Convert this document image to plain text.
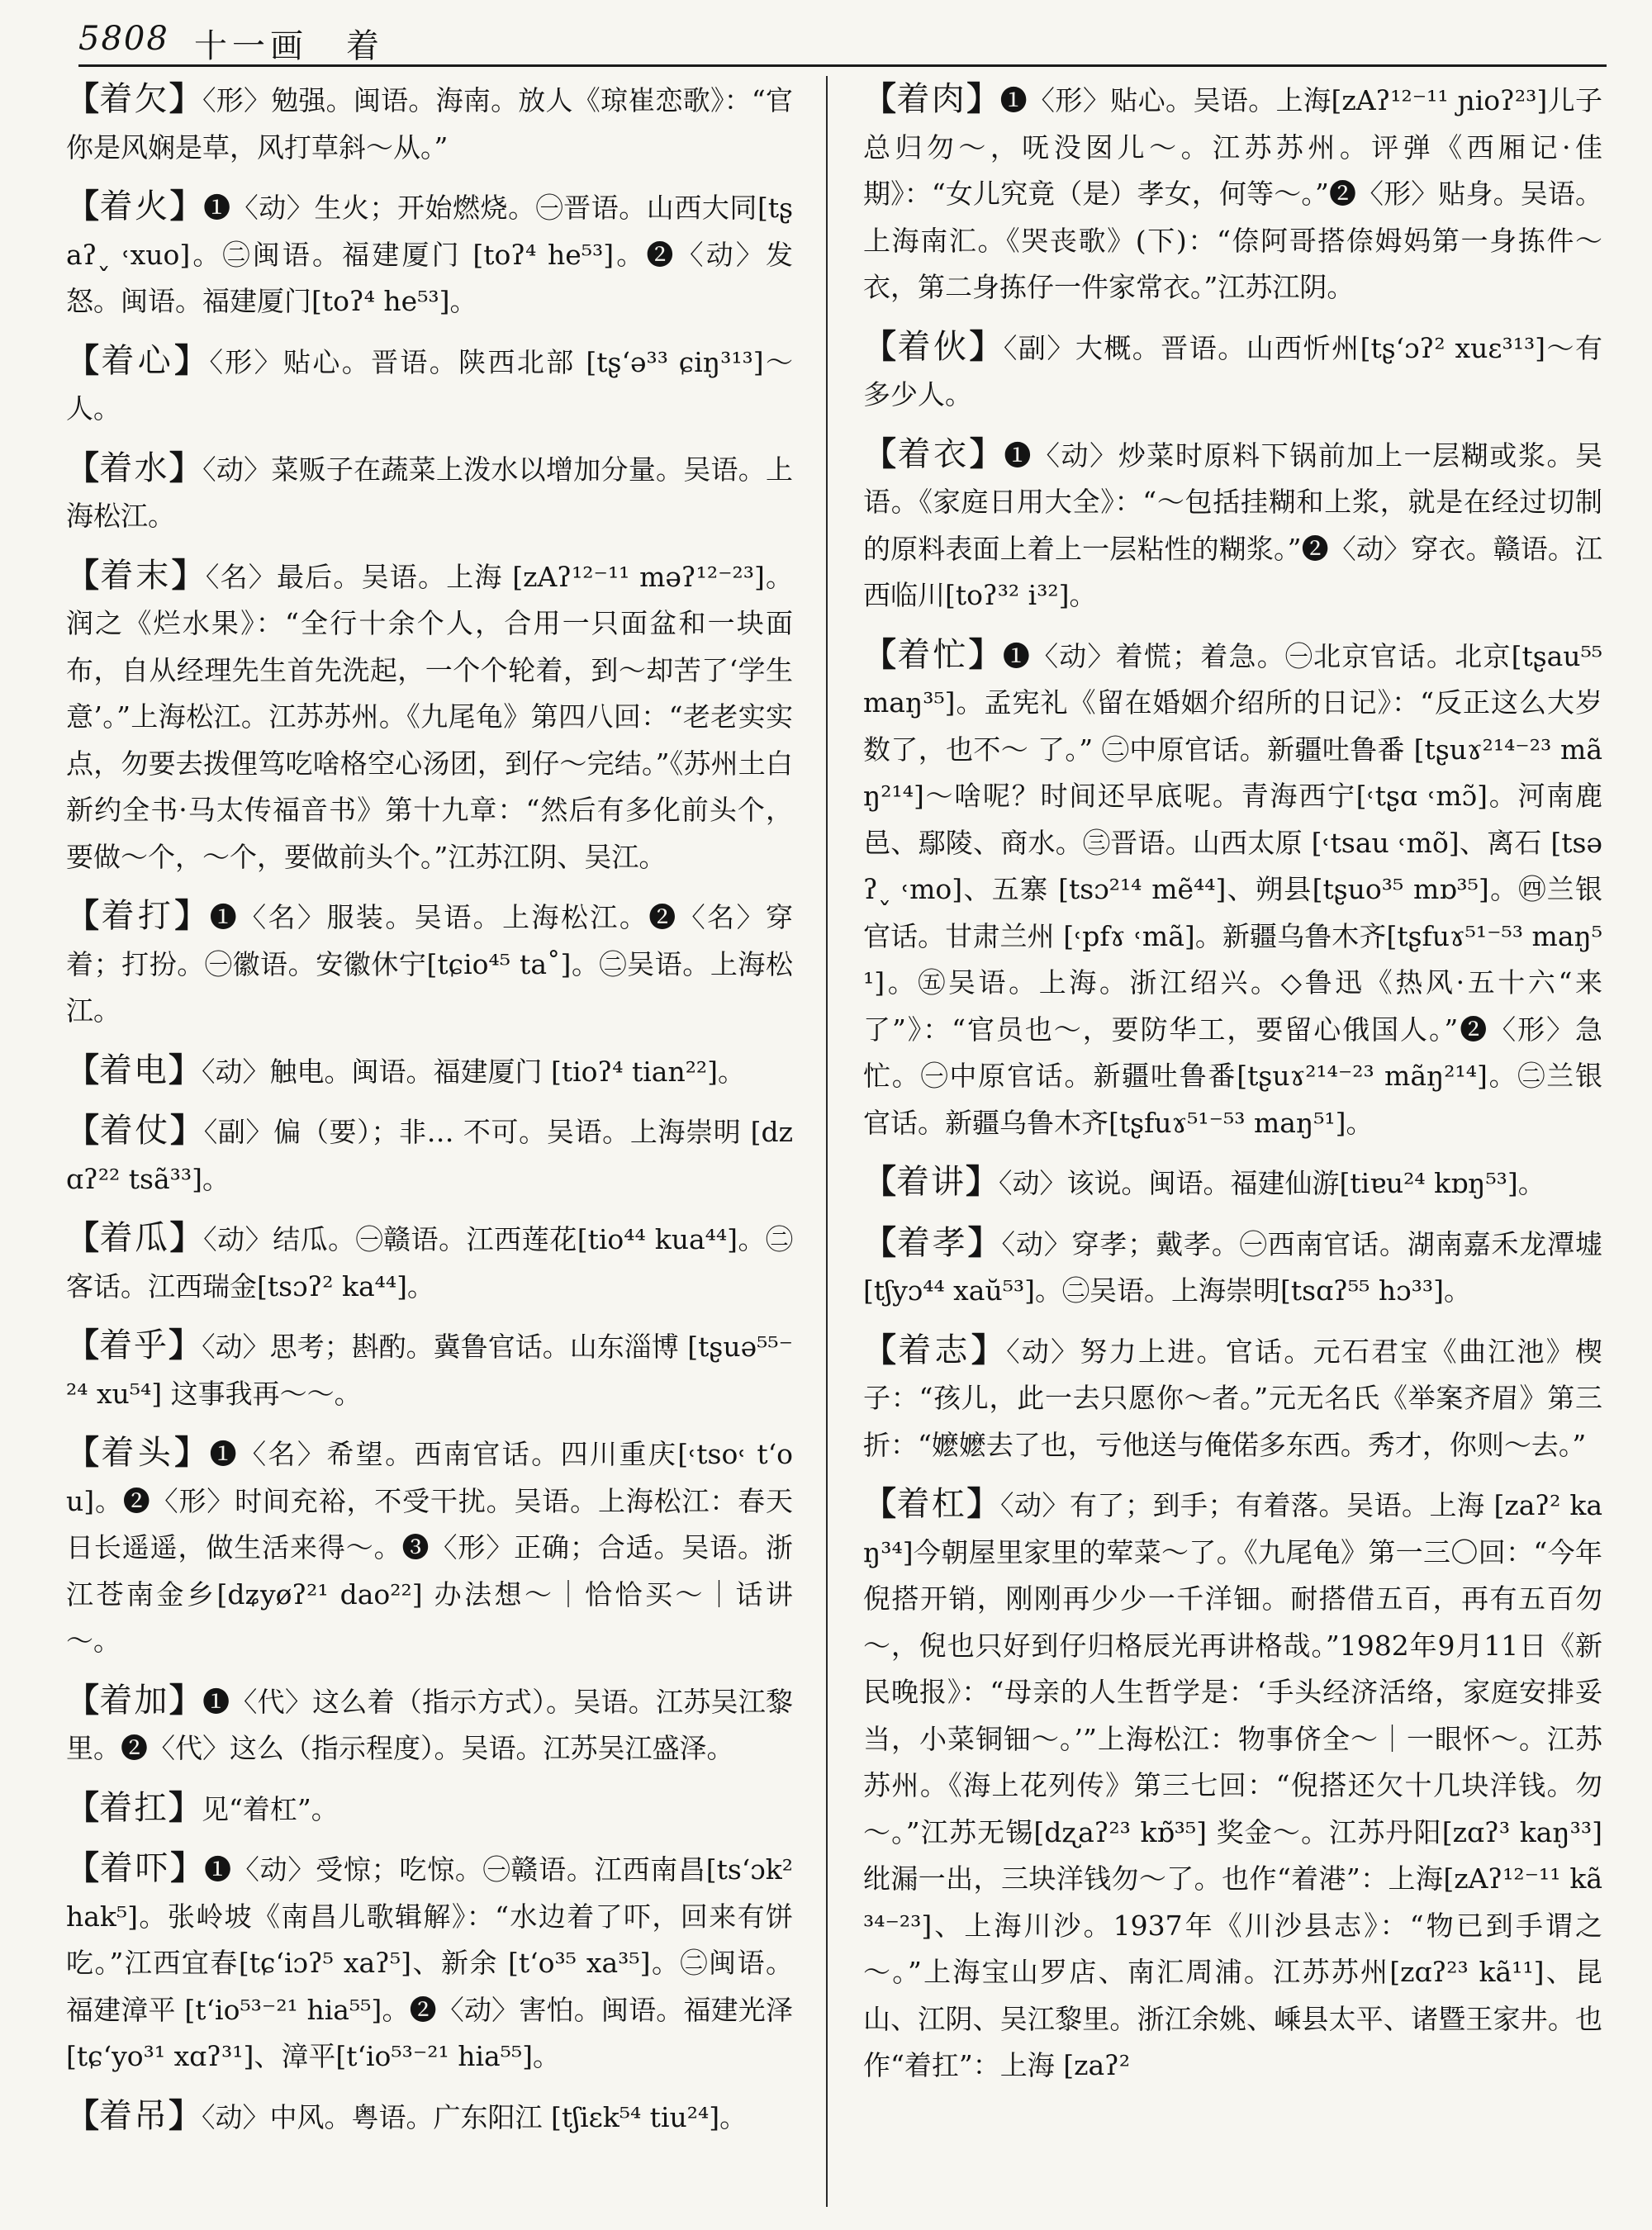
5808 十一画　着

【着欠】〈形〉勉强。闽语。海南。放人《琼崔恋歌》：“官你是风娴是草，风打草斜～从。”

【着火】❶〈动〉生火；开始燃烧。㊀晋语。山西大同[tʂaʔ˯ ˓xuo]。㊁闽语。福建厦门 [toʔ⁴ he⁵³]。❷〈动〉发怒。闽语。福建厦门[toʔ⁴ he⁵³]。

【着心】〈形〉贴心。晋语。陕西北部 [tʂʻə³³ ɕiŋ³¹³]～人。

【着水】〈动〉菜贩子在蔬菜上泼水以增加分量。吴语。上海松江。

【着末】〈名〉最后。吴语。上海 [zAʔ¹²⁻¹¹ məʔ¹²⁻²³]。润之《烂水果》：“全行十余个人，合用一只面盆和一块面布，自从经理先生首先洗起，一个个轮着，到～却苦了‘学生意’。”上海松江。江苏苏州。《九尾龟》第四八回：“老老实实点，勿要去拨俚笃吃啥格空心汤团，到仔～完结。”《苏州土白新约全书·马太传福音书》第十九章：“然后有多化前头个，要做～个，～个，要做前头个。”江苏江阴、吴江。

【着打】❶〈名〉服装。吴语。上海松江。❷〈名〉穿着；打扮。㊀徽语。安徽休宁[tɕio⁴⁵ ta˚]。㊁吴语。上海松江。

【着电】〈动〉触电。闽语。福建厦门 [tioʔ⁴ tian²²]。

【着仗】〈副〉偏（要）；非… 不可。吴语。上海崇明 [dzɑʔ²² tsã³³]。

【着瓜】〈动〉结瓜。㊀赣语。江西莲花[tio⁴⁴ kua⁴⁴]。㊁客话。江西瑞金[tsɔʔ² ka⁴⁴]。

【着乎】〈动〉思考；斟酌。冀鲁官话。山东淄博 [tʂuə⁵⁵⁻²⁴ xu⁵⁴] 这事我再～～。

【着头】❶〈名〉希望。西南官话。四川重庆[˓tso˓ tʻou]。❷〈形〉时间充裕，不受干扰。吴语。上海松江：春天日长遥遥，做生活来得～。❸〈形〉正确；合适。吴语。浙江苍南金乡[dʑyøʔ²¹ dao²²] 办法想～｜恰恰买～｜话讲～。

【着加】❶〈代〉这么着（指示方式）。吴语。江苏吴江黎里。❷〈代〉这么（指示程度）。吴语。江苏吴江盛泽。

【着扛】见“着杠”。

【着吓】❶〈动〉受惊；吃惊。㊀赣语。江西南昌[tsʻɔk² hak⁵]。张岭坡《南昌儿歌辑解》：“水边着了吓，回来有饼吃。”江西宜春[tɕʻiɔʔ⁵ xaʔ⁵]、新余 [tʻo³⁵ xa³⁵]。㊁闽语。福建漳平 [tʻio⁵³⁻²¹ hia⁵⁵]。❷〈动〉害怕。闽语。福建光泽[tɕʻyo³¹ xɑʔ³¹]、漳平[tʻio⁵³⁻²¹ hia⁵⁵]。

【着吊】〈动〉中风。粤语。广东阳江 [tʃiɛk⁵⁴ tiu²⁴]。

【着肉】❶〈形〉贴心。吴语。上海[zAʔ¹²⁻¹¹ ɲioʔ²³]儿子总归勿～，呒没囡儿～。江苏苏州。评弹《西厢记·佳期》：“女儿究竟（是）孝女，何等～。”❷〈形〉贴身。吴语。上海南汇。《哭丧歌》(下)：“倷阿哥搭倷姆妈第一身拣件～衣，第二身拣仔一件家常衣。”江苏江阴。

【着伙】〈副〉大概。晋语。山西忻州[tʂʻɔʔ² xuɛ³¹³]～有多少人。

【着衣】❶〈动〉炒菜时原料下锅前加上一层糊或浆。吴语。《家庭日用大全》：“～包括挂糊和上浆，就是在经过切制的原料表面上着上一层粘性的糊浆。”❷〈动〉穿衣。赣语。江西临川[toʔ³² i³²]。

【着忙】❶〈动〉着慌；着急。㊀北京官话。北京[tʂau⁵⁵ maŋ³⁵]。孟宪礼《留在婚姻介绍所的日记》：“反正这么大岁数了，也不～ 了。” ㊁中原官话。新疆吐鲁番 [tʂuɤ²¹⁴⁻²³ mãŋ²¹⁴]～啥呢？时间还早底呢。青海西宁[˓tʂɑ ˓mɔ̃]。河南鹿邑、鄢陵、商水。㊂晋语。山西太原 [˓tsau ˓mõ]、离石 [tsəʔ˯ ˓mo]、五寨 [tsɔ²¹⁴ mẽ⁴⁴]、朔县[tʂuo³⁵ mɒ³⁵]。㊃兰银官话。甘肃兰州 [˓pfɤ ˓mã]。新疆乌鲁木齐[tʂfuɤ⁵¹⁻⁵³ maŋ⁵¹]。㊄吴语。上海。浙江绍兴。◇鲁迅《热风·五十六“来了”》：“官员也～，要防华工，要留心俄国人。”❷〈形〉急忙。㊀中原官话。新疆吐鲁番[tʂuɤ²¹⁴⁻²³ mãŋ²¹⁴]。㊁兰银官话。新疆乌鲁木齐[tʂfuɤ⁵¹⁻⁵³ maŋ⁵¹]。

【着讲】〈动〉该说。闽语。福建仙游[tiɐu²⁴ kɒŋ⁵³]。

【着孝】〈动〉穿孝；戴孝。㊀西南官话。湖南嘉禾龙潭墟[tʃyɔ⁴⁴ xaŭ⁵³]。㊁吴语。上海崇明[tsɑʔ⁵⁵ hɔ³³]。

【着志】〈动〉努力上进。官话。元石君宝《曲江池》楔子：“孩儿，此一去只愿你～者。”元无名氏《举案齐眉》第三折：“嬷嬷去了也，亏他送与俺偌多东西。秀才，你则～去。”

【着杠】〈动〉有了；到手；有着落。吴语。上海 [zaʔ² kaŋ³⁴]今朝屋里家里的荤菜～了。《九尾龟》第一三〇回：“今年倪搭开销，刚刚再少少一千洋钿。耐搭借五百，再有五百勿～，倪也只好到仔归格辰光再讲格哉。”1982年9月11日《新民晚报》：“母亲的人生哲学是：‘手头经济活络，家庭安排妥当，小菜铜钿～。’”上海松江：物事侪全～｜一眼怀～。江苏苏州。《海上花列传》第三七回：“倪搭还欠十几块洋钱。勿～。”江苏无锡[dʐaʔ²³ kɒ̃³⁵] 奖金～。江苏丹阳[zɑʔ³ kaŋ³³]纰漏一出，三块洋钱勿～了。也作“着港”：上海[zAʔ¹²⁻¹¹ kã³⁴⁻²³]、上海川沙。1937年《川沙县志》：“物已到手谓之～。”上海宝山罗店、南汇周浦。江苏苏州[zɑʔ²³ kã¹¹]、昆山、江阴、吴江黎里。浙江余姚、嵊县太平、诸暨王家井。也作“着扛”：上海 [zaʔ²
